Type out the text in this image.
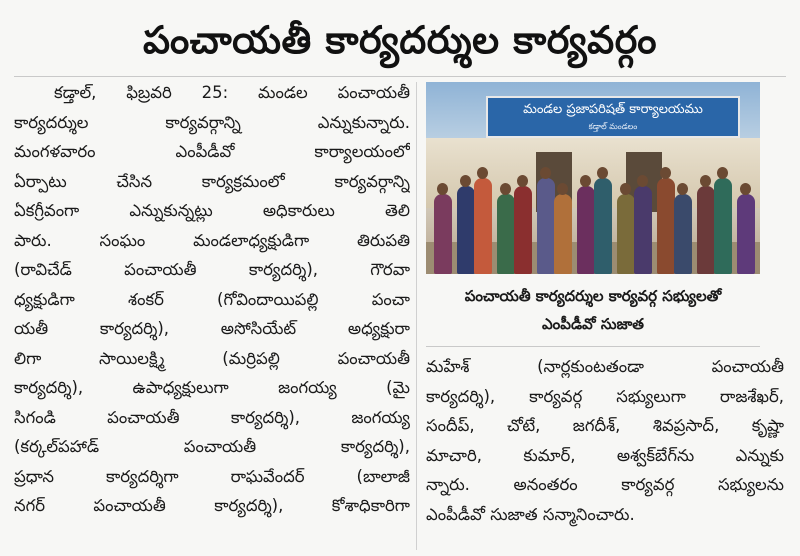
పంచాయతీ కార్యదర్శుల కార్యవర్గం
కడ్తాల్, ఫిబ్రవరి 25: మండల పంచాయతీ
కార్యదర్శుల కార్యవర్గాన్ని ఎన్నుకున్నారు.
మంగళవారం ఎంపీడీవో కార్యాలయంలో
ఏర్పాటు చేసిన కార్యక్రమంలో కార్యవర్గాన్ని
ఏకగ్రీవంగా ఎన్నుకున్నట్లు అధికారులు తెలి
పారు. సంఘం మండలాధ్యక్షుడిగా తిరుపతి
(రావిచేడ్ పంచాయతీ కార్యదర్శి), గౌరవా
ధ్యక్షుడిగా శంకర్ (గోవిందాయిపల్లి పంచా
యతీ కార్యదర్శి), అసోసియేట్ అధ్యక్షురా
లిగా సాయిలక్ష్మి (మర్రిపల్లి పంచాయతీ
కార్యదర్శి), ఉపాధ్యక్షులుగా జంగయ్య (మై
సిగండి పంచాయతీ కార్యదర్శి), జంగయ్య
(కర్కల్‌పహాడ్ పంచాయతీ కార్యదర్శి),
ప్రధాన కార్యదర్శిగా రాఘవేందర్ (బాలాజీ
నగర్ పంచాయతీ కార్యదర్శి), కోశాధికారిగా
మండల ప్రజాపరిషత్ కార్యాలయము
కడ్తాల్ మండలం
పంచాయతీ కార్యదర్శుల కార్యవర్గ సభ్యులతో
ఎంపీడీవో సుజాత
మహేశ్ (నార్లకుంటతండా పంచాయతీ
కార్యదర్శి), కార్యవర్గ సభ్యులుగా రాజశేఖర్,
సందీప్, చోటే, జగదీశ్, శివప్రసాద్, కృష్ణా
మాచారి, కుమార్, అశ్వక్‌బేగ్‌ను ఎన్నుకు
న్నారు. అనంతరం కార్యవర్గ సభ్యులను
ఎంపీడీవో సుజాత సన్మానించారు.
